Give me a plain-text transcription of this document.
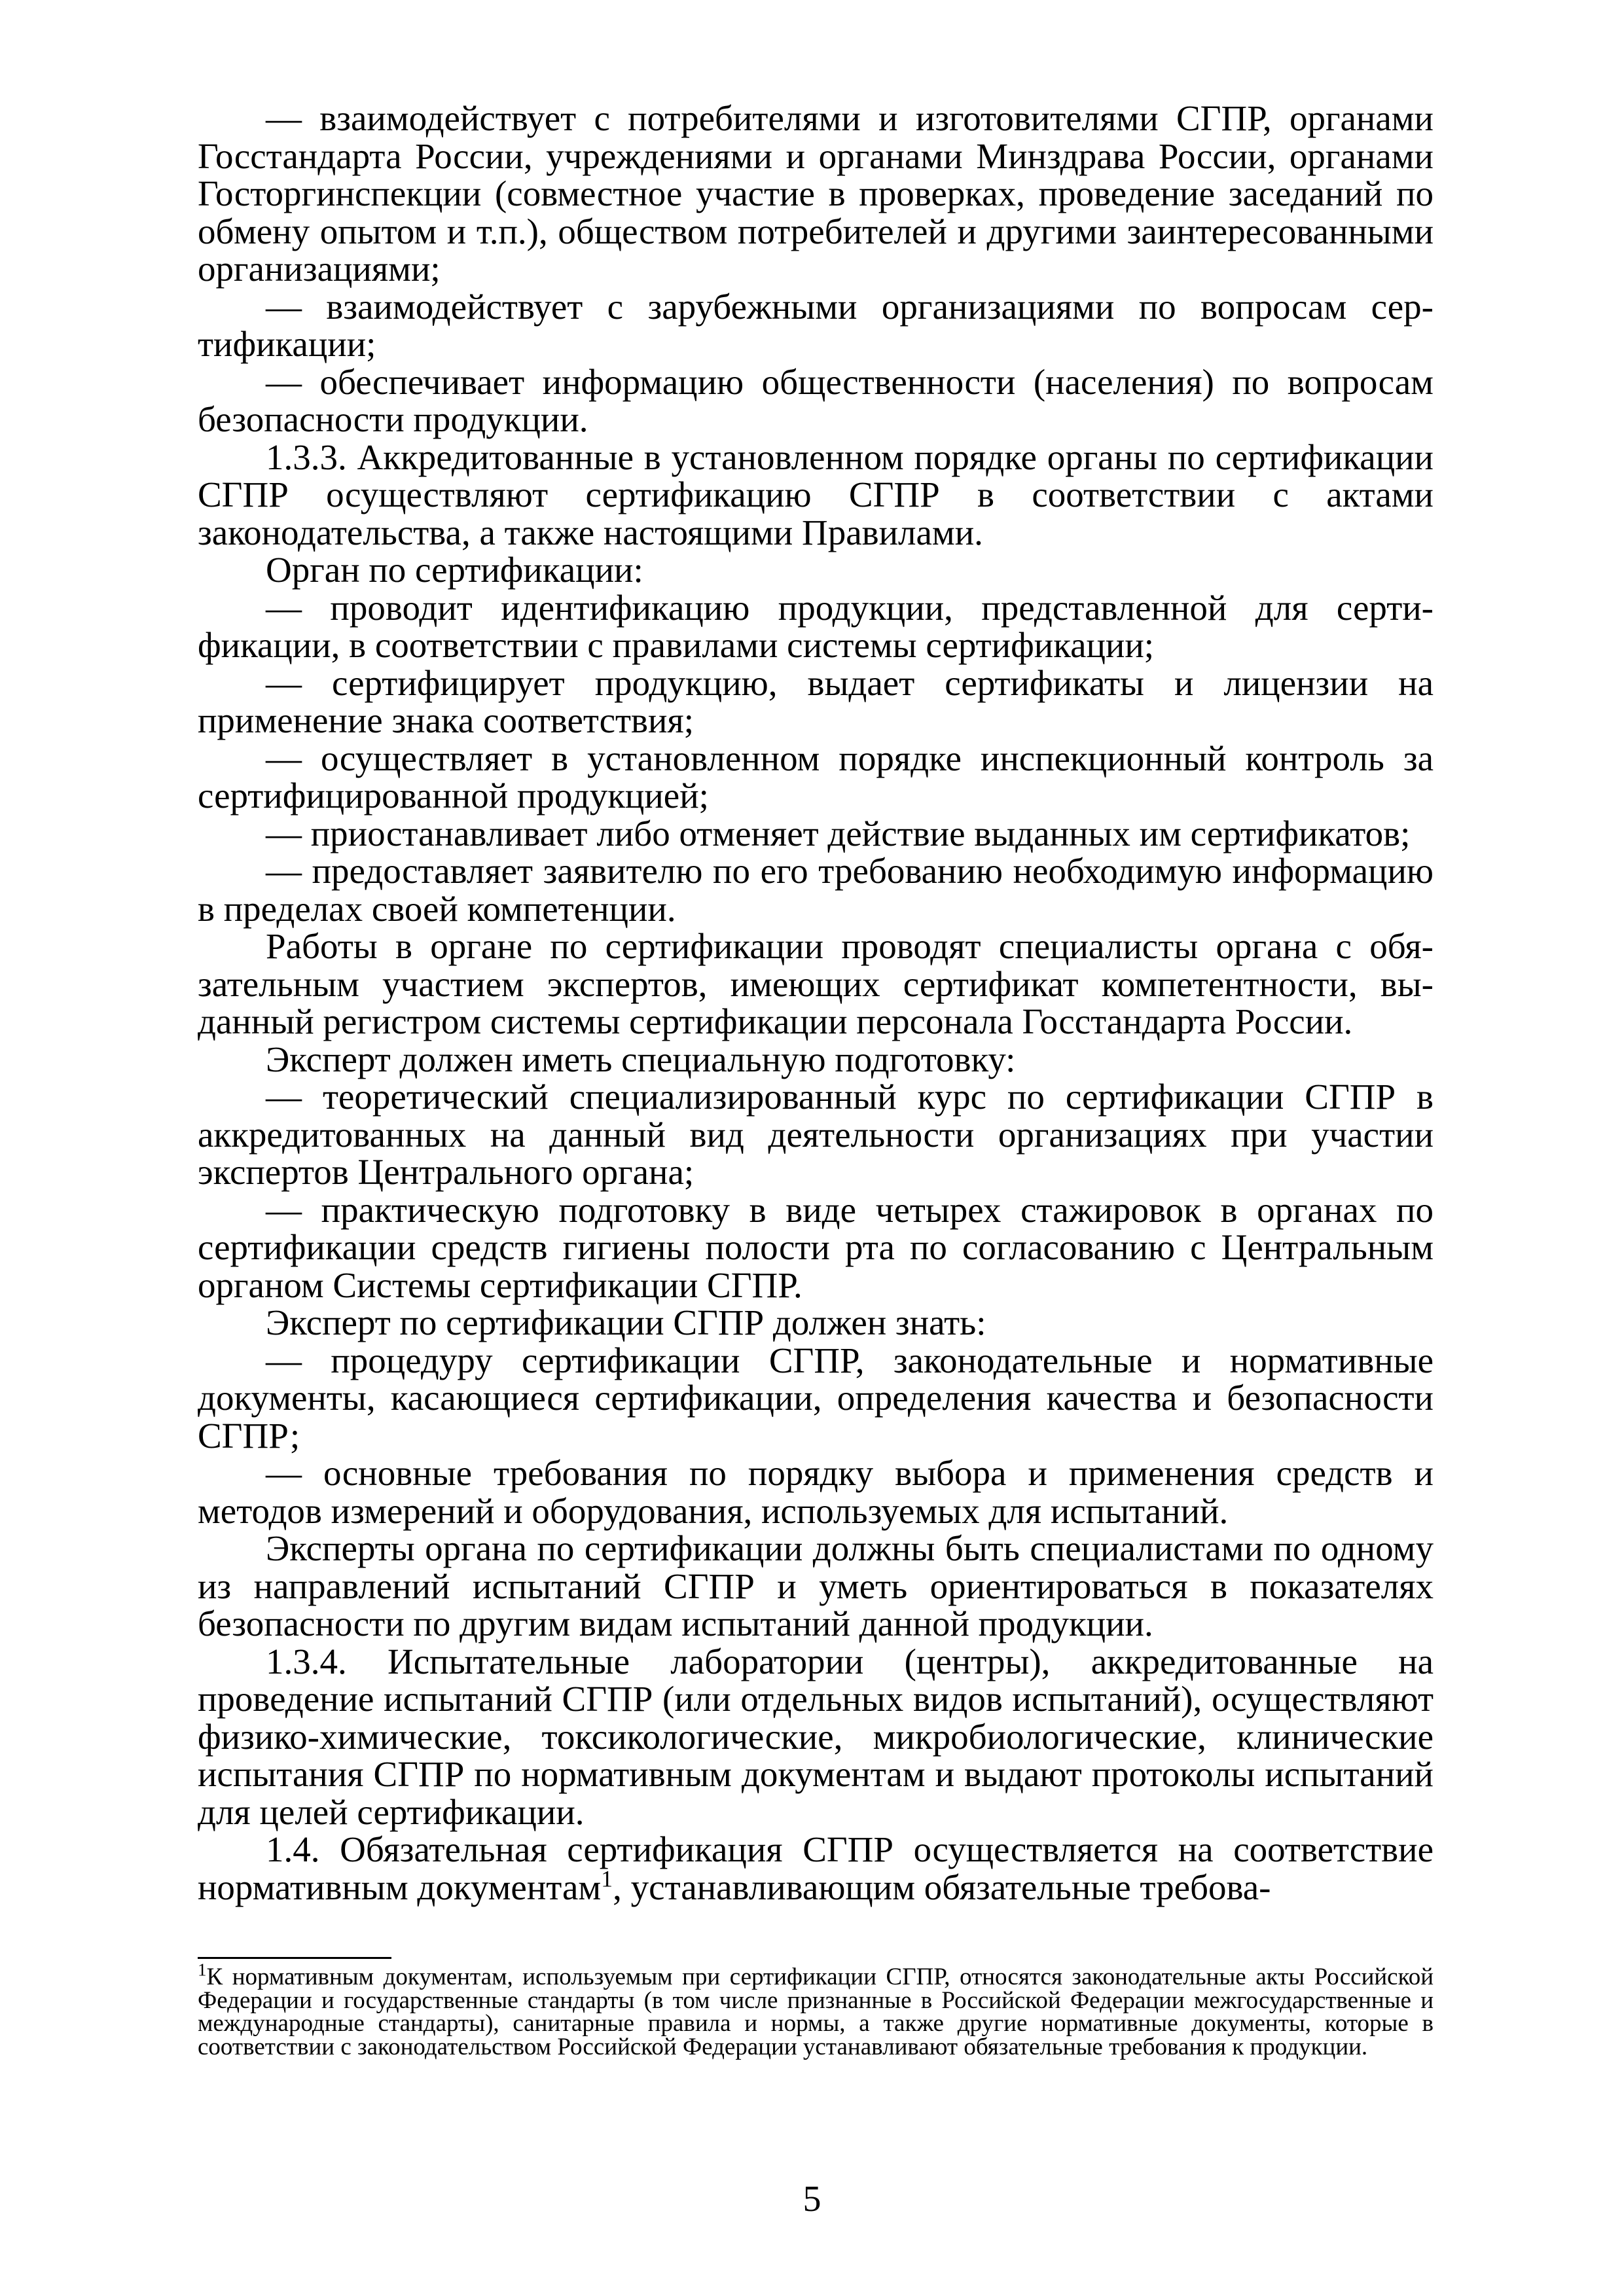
— взаимодействует с потребителями и изготовителями СГПР, органами Госстандарта России, учреждениями и органами Минздрава России, органами Госторгинспекции (совместное участие в проверках, проведение заседаний по обмену опытом и т.п.), обществом потребителей и другими заинтересованными организациями;

— взаимодействует с зарубежными организациями по вопросам сертификации;

— обеспечивает информацию общественности (населения) по вопросам безопасности продукции.

1.3.3. Аккредитованные в установленном порядке органы по сертификации СГПР осуществляют сертификацию СГПР в соответствии с актами законодательства, а также настоящими Правилами.

Орган по сертификации:

— проводит идентификацию продукции, представленной для сертификации, в соответствии с правилами системы сертификации;

— сертифицирует продукцию, выдает сертификаты и лицензии на применение знака соответствия;

— осуществляет в установленном порядке инспекционный контроль за сертифицированной продукцией;

— приостанавливает либо отменяет действие выданных им сертификатов;

— предоставляет заявителю по его требованию необходимую информацию в пределах своей компетенции.

Работы в органе по сертификации проводят специалисты органа с обязательным участием экспертов, имеющих сертификат компетентности, выданный регистром системы сертификации персонала Госстандарта России.

Эксперт должен иметь специальную подготовку:

— теоретический специализированный курс по сертификации СГПР в аккредитованных на данный вид деятельности организациях при участии экспертов Центрального органа;

— практическую подготовку в виде четырех стажировок в органах по сертификации средств гигиены полости рта по согласованию с Центральным органом Системы сертификации СГПР.

Эксперт по сертификации СГПР должен знать:

— процедуру сертификации СГПР, законодательные и нормативные документы, касающиеся сертификации, определения качества и безопасности СГПР;

— основные требования по порядку выбора и применения средств и методов измерений и оборудования, используемых для испытаний.

Эксперты органа по сертификации должны быть специалистами по одному из направлений испытаний СГПР и уметь ориентироваться в показателях безопасности по другим видам испытаний данной продукции.

1.3.4. Испытательные лаборатории (центры), аккредитованные на проведение испытаний СГПР (или отдельных видов испытаний), осуществляют физико-химические, токсикологические, микробиологические, клинические испытания СГПР по нормативным документам и выдают протоколы испытаний для целей сертификации.

1.4. Обязательная сертификация СГПР осуществляется на соответствие нормативным документам$^1$, устанавливающим обязательные требова-

$^1$К нормативным документам, используемым при сертификации СГПР, относятся законодательные акты Российской Федерации и государственные стандарты (в том числе признанные в Российской Федерации межгосударственные и международные стандарты), санитарные правила и нормы, а также другие нормативные документы, которые в соответствии с законодательством Российской Федерации устанавливают обязательные требования к продукции.

5
